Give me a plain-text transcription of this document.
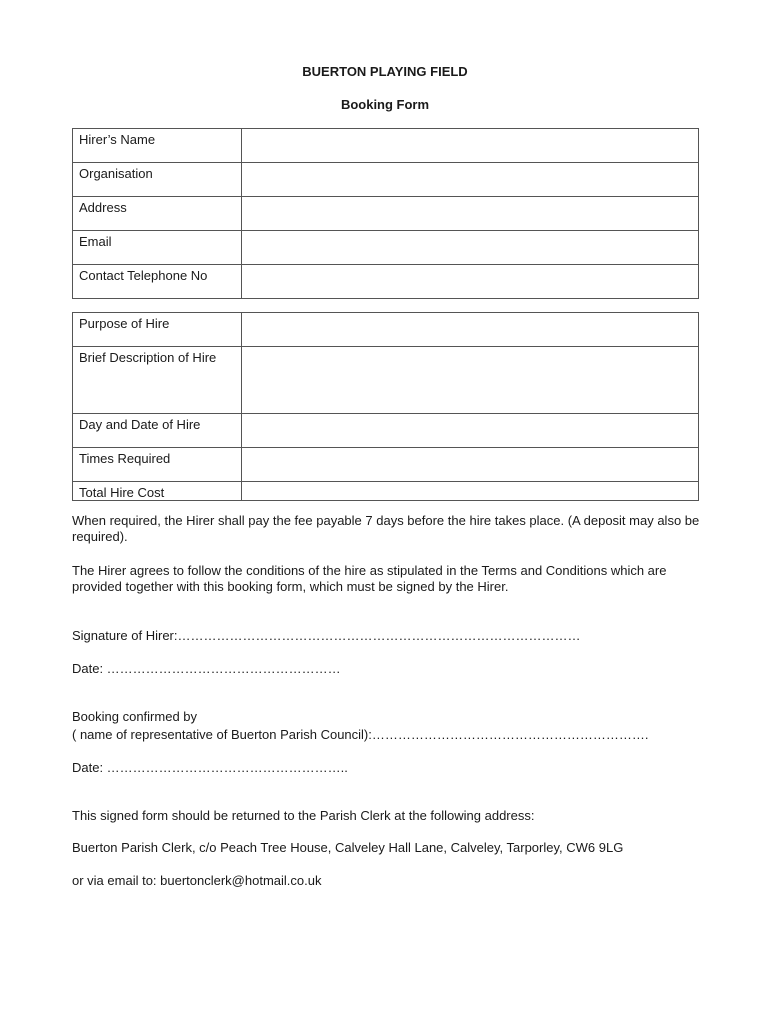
BUERTON PLAYING FIELD
Booking Form
Hirer’s Name	
Organisation	
Address	
Email	
Contact Telephone No	
Purpose of Hire	
Brief Description of Hire	
Day and Date of Hire	
Times Required	
Total Hire Cost	
When required, the Hirer shall pay the fee payable 7 days before the hire takes place. (A deposit may also be required).
The Hirer agrees to follow the conditions of the hire as stipulated in the Terms and Conditions which are provided together with this booking form, which must be signed by the Hirer.
Signature of Hirer:…………………………………………………………………………………
Date: ………………………………………………
Booking confirmed by
( name of representative of Buerton Parish Council):……………………………………………………….
Date: ………………………………………………..
This signed form should be returned to the Parish Clerk at the following address:
Buerton Parish Clerk, c/o Peach Tree House, Calveley Hall Lane, Calveley, Tarporley, CW6 9LG
or via email to: buertonclerk@hotmail.co.uk
